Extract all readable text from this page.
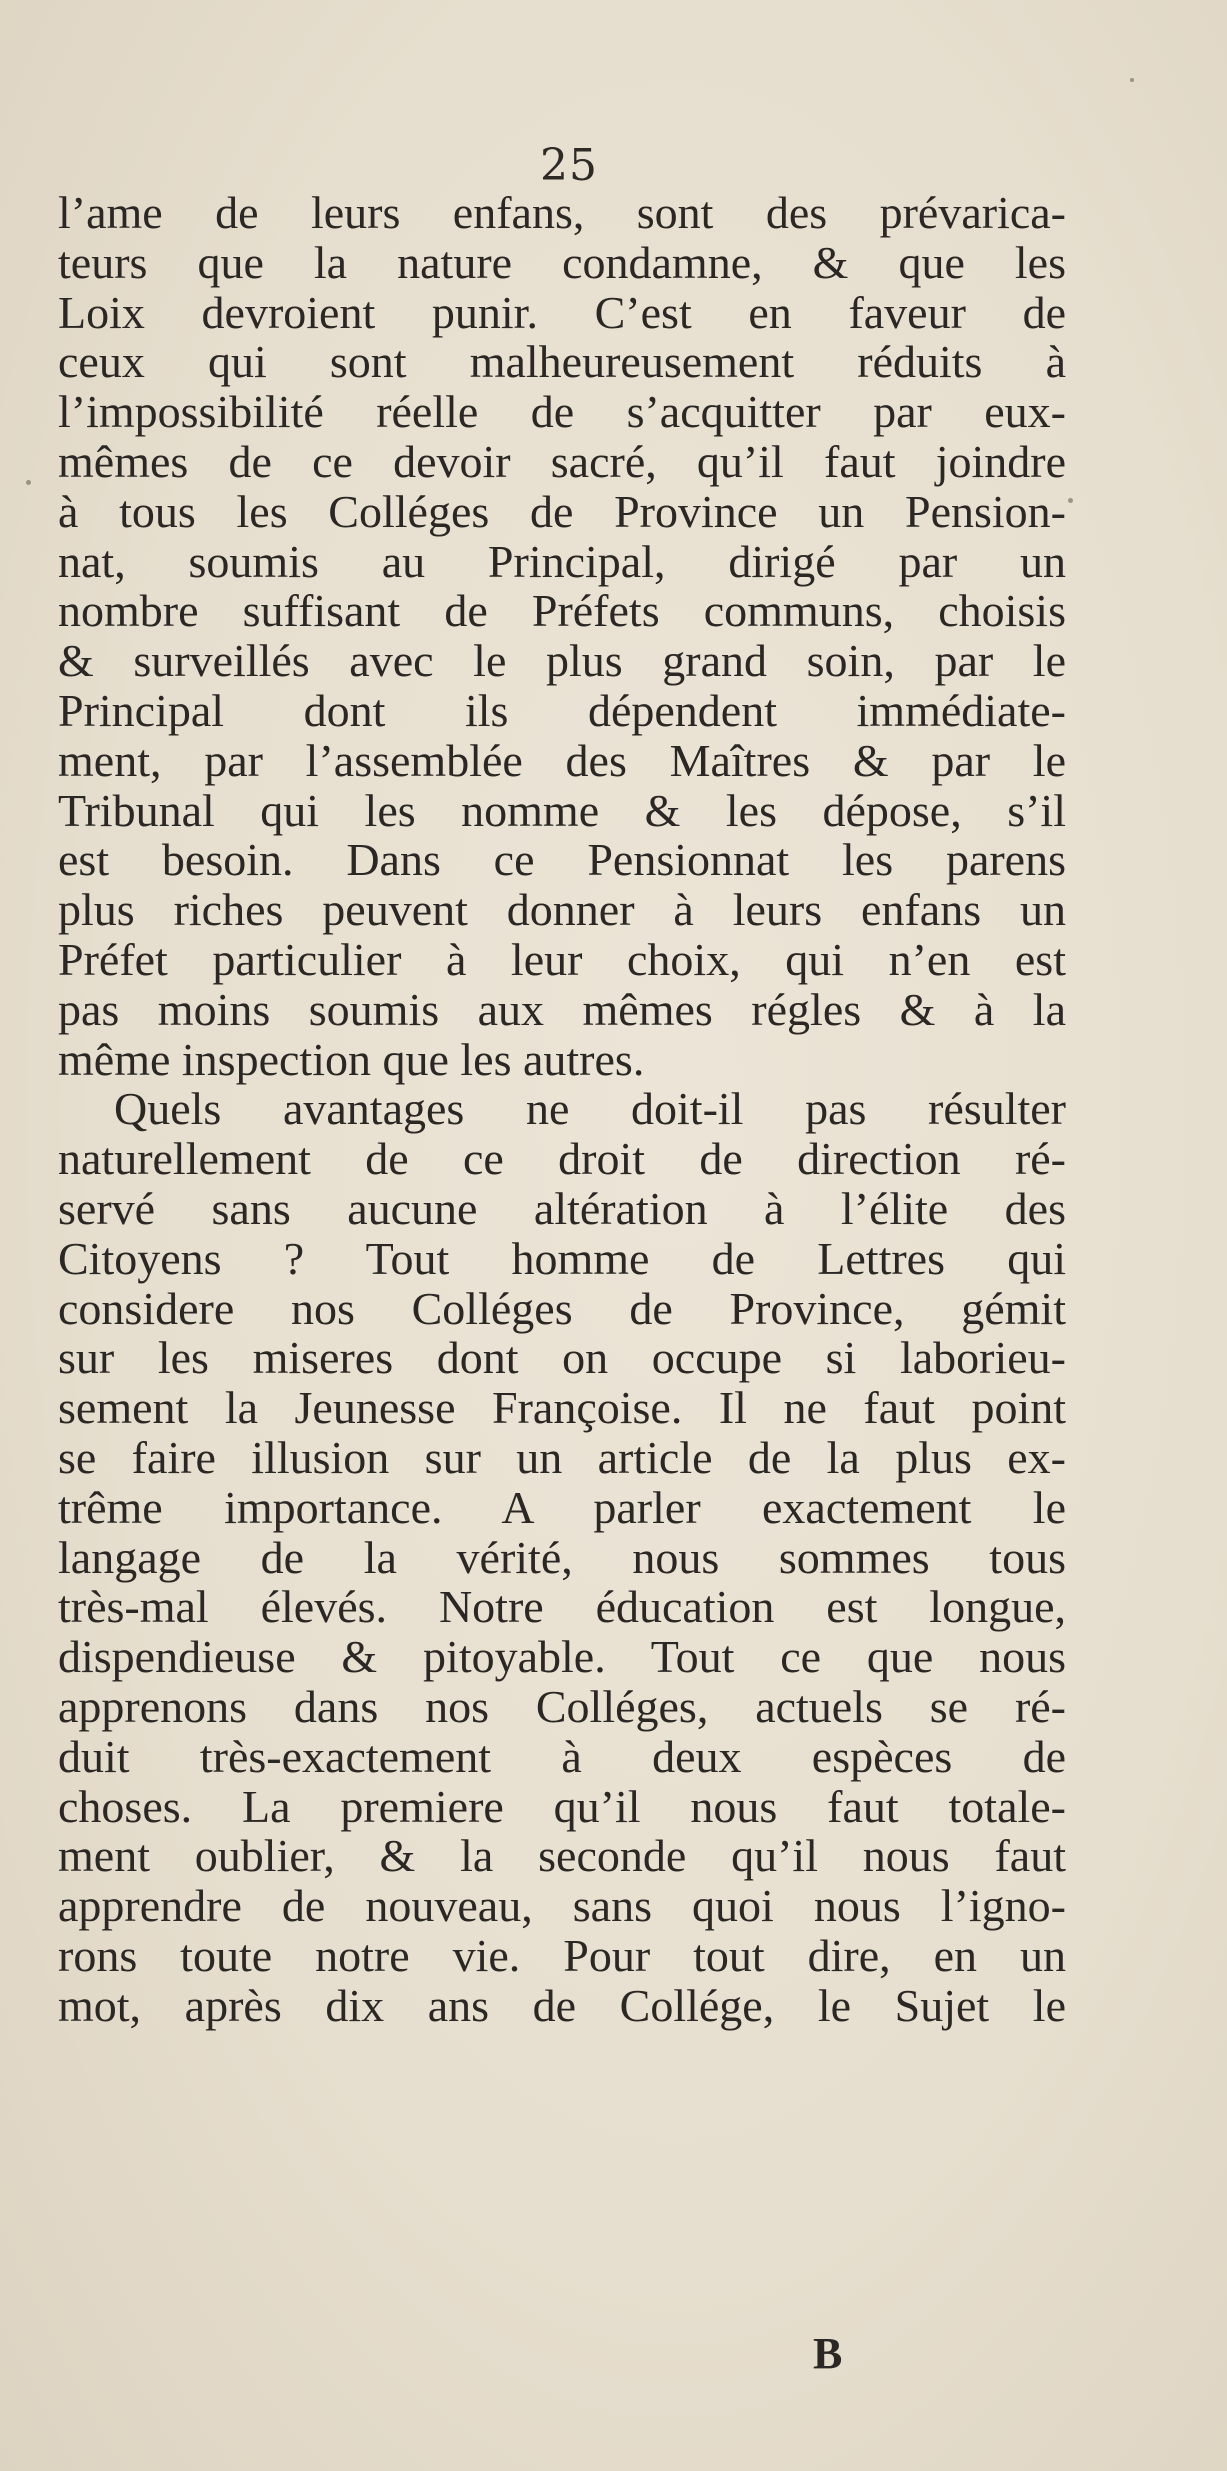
25
l’ame de leurs enfans, sont des prévarica-
teurs que la nature condamne, & que les
Loix devroient punir. C’est en faveur de
ceux qui sont malheureusement réduits à
l’impossibilité réelle de s’acquitter par eux-
mêmes de ce devoir sacré, qu’il faut joindre
à tous les Colléges de Province un Pension-
nat, soumis au Principal, dirigé par un
nombre suffisant de Préfets communs, choisis
& surveillés avec le plus grand soin, par le
Principal dont ils dépendent immédiate-
ment, par l’assemblée des Maîtres & par le
Tribunal qui les nomme & les dépose, s’il
est besoin. Dans ce Pensionnat les parens
plus riches peuvent donner à leurs enfans un
Préfet particulier à leur choix, qui n’en est
pas moins soumis aux mêmes régles & à la
même inspection que les autres.
Quels avantages ne doit-il pas résulter
naturellement de ce droit de direction ré-
servé sans aucune altération à l’élite des
Citoyens ? Tout homme de Lettres qui
considere nos Colléges de Province, gémit
sur les miseres dont on occupe si laborieu-
sement la Jeunesse Françoise. Il ne faut point
se faire illusion sur un article de la plus ex-
trême importance. A parler exactement le
langage de la vérité, nous sommes tous
très-mal élevés. Notre éducation est longue,
dispendieuse & pitoyable. Tout ce que nous
apprenons dans nos Colléges, actuels se ré-
duit très-exactement à deux espèces de
choses. La premiere qu’il nous faut totale-
ment oublier, & la seconde qu’il nous faut
apprendre de nouveau, sans quoi nous l’igno-
rons toute notre vie. Pour tout dire, en un
mot, après dix ans de Collége, le Sujet le
B
